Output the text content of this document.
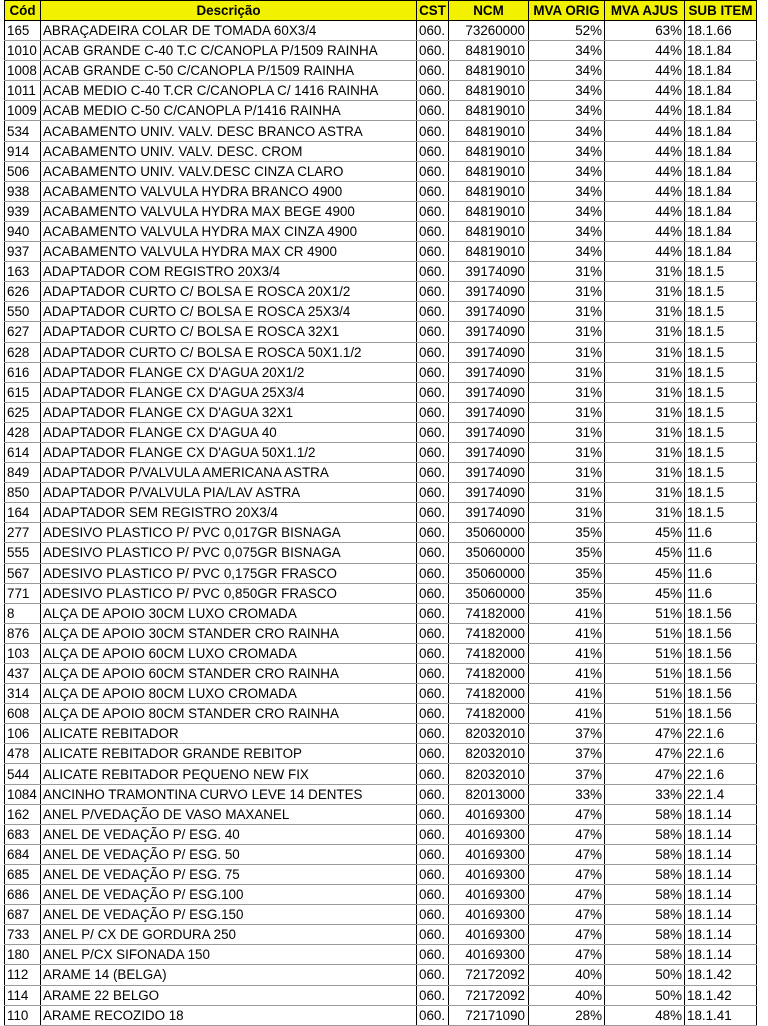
Cód	Descrição	CST	NCM	MVA ORIG	MVA AJUS	SUB ITEM
165	ABRAÇADEIRA COLAR DE TOMADA 60X3/4	060.	73260000	52%	63%	18.1.66
1010	ACAB GRANDE C-40 T.C C/CANOPLA P/1509 RAINHA	060.	84819010	34%	44%	18.1.84
1008	ACAB GRANDE C-50 C/CANOPLA P/1509 RAINHA	060.	84819010	34%	44%	18.1.84
1011	ACAB MEDIO C-40 T.CR C/CANOPLA C/ 1416 RAINHA	060.	84819010	34%	44%	18.1.84
1009	ACAB MEDIO C-50 C/CANOPLA P/1416 RAINHA	060.	84819010	34%	44%	18.1.84
534	ACABAMENTO UNIV. VALV. DESC BRANCO ASTRA	060.	84819010	34%	44%	18.1.84
914	ACABAMENTO UNIV. VALV. DESC. CROM	060.	84819010	34%	44%	18.1.84
506	ACABAMENTO UNIV. VALV.DESC CINZA CLARO	060.	84819010	34%	44%	18.1.84
938	ACABAMENTO VALVULA HYDRA BRANCO 4900	060.	84819010	34%	44%	18.1.84
939	ACABAMENTO VALVULA HYDRA MAX BEGE 4900	060.	84819010	34%	44%	18.1.84
940	ACABAMENTO VALVULA HYDRA MAX CINZA 4900	060.	84819010	34%	44%	18.1.84
937	ACABAMENTO VALVULA HYDRA MAX CR 4900	060.	84819010	34%	44%	18.1.84
163	ADAPTADOR COM REGISTRO 20X3/4	060.	39174090	31%	31%	18.1.5
626	ADAPTADOR CURTO C/ BOLSA E ROSCA 20X1/2	060.	39174090	31%	31%	18.1.5
550	ADAPTADOR CURTO C/ BOLSA E ROSCA 25X3/4	060.	39174090	31%	31%	18.1.5
627	ADAPTADOR CURTO C/ BOLSA E ROSCA 32X1	060.	39174090	31%	31%	18.1.5
628	ADAPTADOR CURTO C/ BOLSA E ROSCA 50X1.1/2	060.	39174090	31%	31%	18.1.5
616	ADAPTADOR FLANGE CX D'AGUA 20X1/2	060.	39174090	31%	31%	18.1.5
615	ADAPTADOR FLANGE CX D'AGUA 25X3/4	060.	39174090	31%	31%	18.1.5
625	ADAPTADOR FLANGE CX D'AGUA 32X1	060.	39174090	31%	31%	18.1.5
428	ADAPTADOR FLANGE CX D'AGUA 40	060.	39174090	31%	31%	18.1.5
614	ADAPTADOR FLANGE CX D'AGUA 50X1.1/2	060.	39174090	31%	31%	18.1.5
849	ADAPTADOR P/VALVULA AMERICANA ASTRA	060.	39174090	31%	31%	18.1.5
850	ADAPTADOR P/VALVULA PIA/LAV ASTRA	060.	39174090	31%	31%	18.1.5
164	ADAPTADOR SEM REGISTRO 20X3/4	060.	39174090	31%	31%	18.1.5
277	ADESIVO PLASTICO P/ PVC 0,017GR BISNAGA	060.	35060000	35%	45%	11.6
555	ADESIVO PLASTICO P/ PVC 0,075GR BISNAGA	060.	35060000	35%	45%	11.6
567	ADESIVO PLASTICO P/ PVC 0,175GR FRASCO	060.	35060000	35%	45%	11.6
771	ADESIVO PLASTICO P/ PVC 0,850GR FRASCO	060.	35060000	35%	45%	11.6
8	ALÇA DE APOIO 30CM LUXO CROMADA	060.	74182000	41%	51%	18.1.56
876	ALÇA DE APOIO 30CM STANDER CRO RAINHA	060.	74182000	41%	51%	18.1.56
103	ALÇA DE APOIO 60CM LUXO CROMADA	060.	74182000	41%	51%	18.1.56
437	ALÇA DE APOIO 60CM STANDER CRO RAINHA	060.	74182000	41%	51%	18.1.56
314	ALÇA DE APOIO 80CM LUXO CROMADA	060.	74182000	41%	51%	18.1.56
608	ALÇA DE APOIO 80CM STANDER CRO RAINHA	060.	74182000	41%	51%	18.1.56
106	ALICATE REBITADOR	060.	82032010	37%	47%	22.1.6
478	ALICATE REBITADOR GRANDE REBITOP	060.	82032010	37%	47%	22.1.6
544	ALICATE REBITADOR PEQUENO NEW FIX	060.	82032010	37%	47%	22.1.6
1084	ANCINHO TRAMONTINA CURVO LEVE 14 DENTES	060.	82013000	33%	33%	22.1.4
162	ANEL P/VEDAÇÃO DE VASO MAXANEL	060.	40169300	47%	58%	18.1.14
683	ANEL DE VEDAÇÃO P/ ESG. 40	060.	40169300	47%	58%	18.1.14
684	ANEL DE VEDAÇÃO P/ ESG. 50	060.	40169300	47%	58%	18.1.14
685	ANEL DE VEDAÇÃO P/ ESG. 75	060.	40169300	47%	58%	18.1.14
686	ANEL DE VEDAÇÃO P/ ESG.100	060.	40169300	47%	58%	18.1.14
687	ANEL DE VEDAÇÃO P/ ESG.150	060.	40169300	47%	58%	18.1.14
733	ANEL P/ CX DE GORDURA 250	060.	40169300	47%	58%	18.1.14
180	ANEL P/CX SIFONADA 150	060.	40169300	47%	58%	18.1.14
112	ARAME 14 (BELGA)	060.	72172092	40%	50%	18.1.42
114	ARAME 22 BELGO	060.	72172092	40%	50%	18.1.42
110	ARAME RECOZIDO 18	060.	72171090	28%	48%	18.1.41
